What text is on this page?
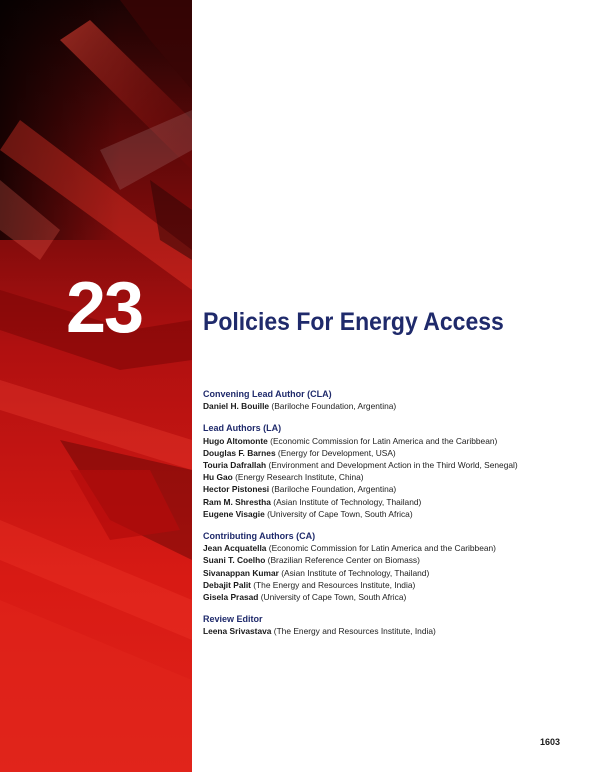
23 Policies For Energy Access
Convening Lead Author (CLA)
Daniel H. Bouille (Bariloche Foundation, Argentina)
Lead Authors (LA)
Hugo Altomonte (Economic Commission for Latin America and the Caribbean)
Douglas F. Barnes (Energy for Development, USA)
Touria Dafrallah (Environment and Development Action in the Third World, Senegal)
Hu Gao (Energy Research Institute, China)
Hector Pistonesi (Bariloche Foundation, Argentina)
Ram M. Shrestha (Asian Institute of Technology, Thailand)
Eugene Visagie (University of Cape Town, South Africa)
Contributing Authors (CA)
Jean Acquatella (Economic Commission for Latin America and the Caribbean)
Suani T. Coelho (Brazilian Reference Center on Biomass)
Sivanappan Kumar (Asian Institute of Technology, Thailand)
Debajit Palit (The Energy and Resources Institute, India)
Gisela Prasad (University of Cape Town, South Africa)
Review Editor
Leena Srivastava (The Energy and Resources Institute, India)
1603
